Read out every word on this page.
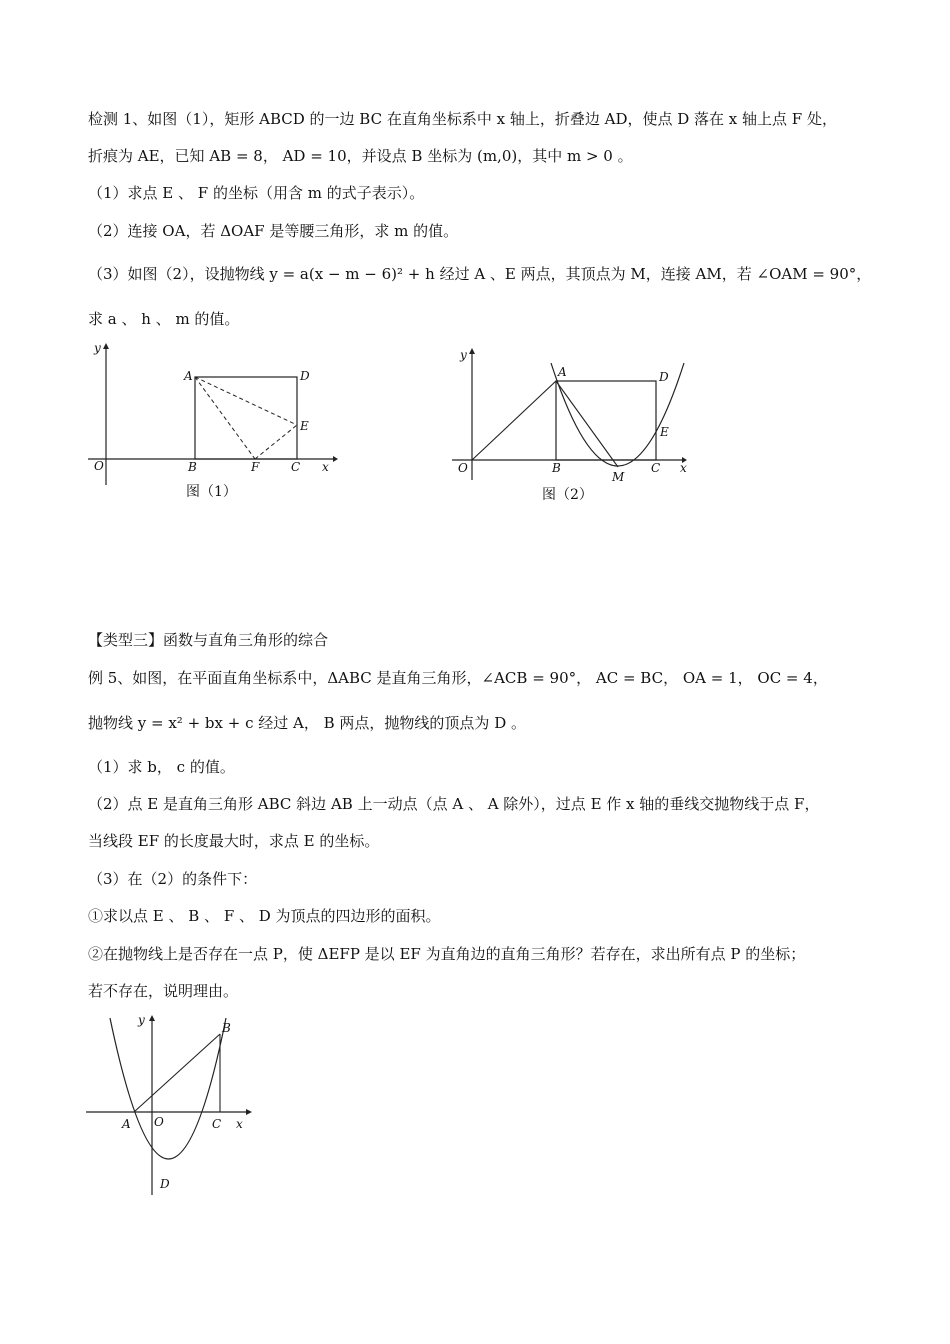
检测 1、如图（1），矩形 ABCD 的一边 BC 在直角坐标系中 x 轴上，折叠边 AD，使点 D 落在 x 轴上点 F 处，
折痕为 AE，已知 AB = 8， AD = 10，并设点 B 坐标为 (m,0)，其中 m > 0 。
（1）求点 E 、 F 的坐标（用含 m 的式子表示）。
（2）连接 OA，若 ΔOAF 是等腰三角形，求 m 的值。
（3）如图（2），设抛物线 y = a(x − m − 6)² + h 经过 A 、E 两点，其顶点为 M，连接 AM，若 ∠OAM = 90°，
求 a 、 h 、 m 的值。
y
O
A	D
E
B	F	C x
图（1）
y
O
A	D
E
B
M
C x
图（2）
【类型三】函数与直角三角形的综合
例 5、如图，在平面直角坐标系中，ΔABC 是直角三角形，∠ACB = 90°， AC = BC， OA = 1， OC = 4，
抛物线 y = x² + bx + c 经过 A， B 两点，抛物线的顶点为 D 。
（1）求 b， c 的值。
（2）点 E 是直角三角形 ABC 斜边 AB 上一动点（点 A 、 A 除外），过点 E 作 x 轴的垂线交抛物线于点 F，
当线段 EF 的长度最大时，求点 E 的坐标。
（3）在（2）的条件下：
①求以点 E 、 B 、 F 、 D 为顶点的四边形的面积。
②在抛物线上是否存在一点 P，使 ΔEFP 是以 EF 为直角边的直角三角形？若存在，求出所有点 P 的坐标；
若不存在，说明理由。
y
B
A O	C x
D
